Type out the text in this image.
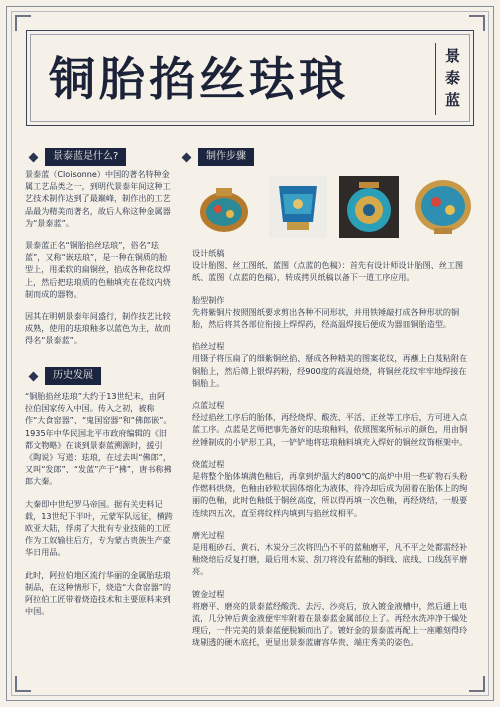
铜胎掐丝珐琅	景
泰
蓝
景泰蓝是什么?

景泰蓝（Cloisonne）中国的著名特种金属工艺品类之一，到明代景泰年间这种工艺技术制作达到了最巅峰，制作出的工艺品最为精美而著名，故后人称这种金属器为“景泰蓝”。

景泰蓝正名“铜胎掐丝珐琅”，俗名“珐蓝”，又称“嵌珐琅”，是一种在铜质的胎型上，用柔软的扁铜丝，掐成各种花纹焊上，然后把珐琅质的色釉填充在花纹内烧制而成的器物。

因其在明朝景泰年间盛行，制作技艺比较成熟，使用的珐琅釉多以蓝色为主，故而得名“景泰蓝”。

历史发展

“铜胎掐丝珐琅”大约于13世纪末，由阿拉伯国家传入中国。传入之初，被称作“大食窑器”、“鬼国窑器”和“佛郎嵌”。1935年中华民国北平市政府编辑的《旧都文物略》在谈到景泰蓝溯源时，援引《陶说》写道：珐琅，在过去叫“佛郎”，又叫“发郎”、“发蓝”产于“拂”，唐书称拂郎大秦。

大秦即中世纪罗马帝国。据有关史料记载，13世纪下半叶，元蒙军队远征，横跨欧亚大陆，俘虏了大批有专业技能的工匠作为工奴输往后方，专为蒙古贵族生产豪华日用品。

此时，阿拉伯地区流行华丽的金属胎珐琅制品，在这种情形下，烧造“大食窑器”的阿拉伯工匠带着烧造技术和主要原料来到中国。

制作步骤
设计纸稿
设计胎图、丝工图纸、蓝图（点蓝的色稿）：首先有设计师设计胎图、丝工图纸、蓝图（点蓝的色稿），转成拷贝纸稿以备下一道工序应用。
胎型制作
先将紫铜片按照图纸要求剪出各种不同形状，并用铁锤敲打成各种形状的铜胎，然后将其各部位衔接上焊焊药，经高温焊接后便成为器皿铜胎造型。
掐丝过程
用镊子将压扁了的细紫铜丝掐、掰成各种精美的图案花纹，再蘸上白芨粘附在铜胎上，然后筛上银焊药粉，经900度的高温焙烧，将铜丝花纹牢牢地焊接在铜胎上。
点蓝过程
经过掐丝工序后的胎体，再经烧焊、酸洗、平活、正丝等工序后，方可进入点蓝工序。点蓝是艺师把事先备好的珐琅釉料，依照图案所标示的颜色，用由铜丝锤制成的小铲形工具，一铲铲地将珐琅釉料填充入焊好的铜丝纹饰框架中。
烧蓝过程
是将整个胎体填满色釉后，再拿到炉温大约800℃的高炉中用一些矿物石头粉作燃料烘烧，色釉由砂粒状固体熔化为液体，待冷却后成为固着在胎体上的绚丽的色釉，此时色釉低于铜丝高度，所以得再填一次色釉，再经烧结，一般要连续四五次，直至将纹样内填到与掐丝纹相平。
磨光过程
是用粗砂石、黄石、木炭分三次将凹凸不平的蓝釉磨平，凡不平之处都需经补釉烧焙后反复打磨，最后用木炭、刮刀将没有蓝釉的铜线、底线、口线刮平磨亮。
镀金过程
将磨平、磨亮的景泰蓝经酸洗、去污、沙亮后，放入镀金液槽中，然后通上电流，几分钟后黄金液便牢牢附着在景泰蓝金属部位上了。再经水洗冲净干燥处理后，一件完美的景泰蓝便脱颖而出了。镀好金的景泰蓝再配上一座雕刻得玲珑剔透的硬木底托，更显出景泰蓝庸容华贵、端庄秀美的姿色。
